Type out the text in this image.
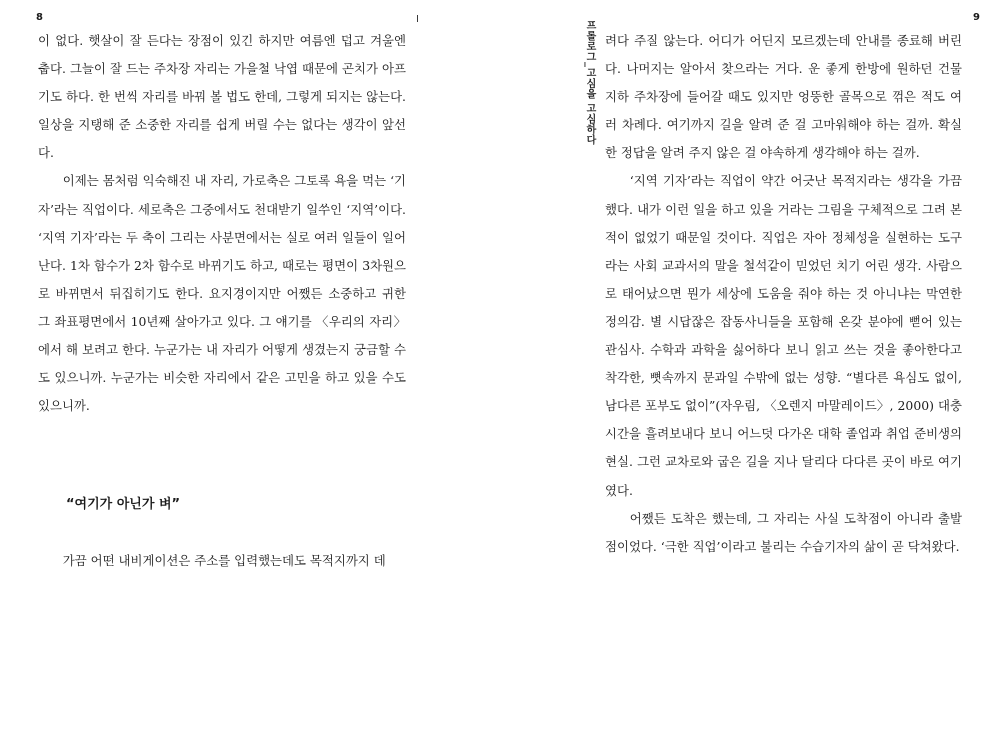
8	I

이 없다. 햇살이 잘 든다는 장점이 있긴 하지만 여름엔 덥고 겨울엔 춥다. 그늘이 잘 드는 주차장 자리는 가을철 낙엽 때문에 곤치가 아프기도 하다. 한 번씩 자리를 바꿔 볼 법도 한데, 그렇게 되지는 않는다. 일상을 지탱해 준 소중한 자리를 쉽게 버릴 수는 없다는 생각이 앞선다.

이제는 몸처럼 익숙해진 내 자리, 가로축은 그토록 욕을 먹는 ‘기자’라는 직업이다. 세로축은 그중에서도 천대받기 일쑤인 ‘지역’이다. ‘지역 기자’라는 두 축이 그리는 사분면에서는 실로 여러 일들이 일어난다. 1차 함수가 2차 함수로 바뀌기도 하고, 때로는 평면이 3차원으로 바뀌면서 뒤집히기도 한다. 요지경이지만 어쨌든 소중하고 귀한 그 좌표평면에서 10년째 살아가고 있다. 그 얘기를 〈우리의 자리〉에서 해 보려고 한다. 누군가는 내 자리가 어떻게 생겼는지 궁금할 수도 있으니까. 누군가는 비슷한 자리에서 같은 고민을 하고 있을 수도 있으니까.

“여기가 아닌가 벼”

가끔 어떤 내비게이션은 주소를 입력했는데도 목적지까지 데

프롤로그_고심을 고심하다
9

려다 주질 않는다. 어디가 어딘지 모르겠는데 안내를 종료해 버린다. 나머지는 알아서 찾으라는 거다. 운 좋게 한방에 원하던 건물 지하 주차장에 들어갈 때도 있지만 엉뚱한 골목으로 꺾은 적도 여러 차례다. 여기까지 길을 알려 준 걸 고마워해야 하는 걸까. 확실한 정답을 알려 주지 않은 걸 야속하게 생각해야 하는 걸까.

‘지역 기자’라는 직업이 약간 어긋난 목적지라는 생각을 가끔 했다. 내가 이런 일을 하고 있을 거라는 그림을 구체적으로 그려 본 적이 없었기 때문일 것이다. 직업은 자아 정체성을 실현하는 도구라는 사회 교과서의 말을 철석같이 믿었던 치기 어린 생각. 사람으로 태어났으면 뭔가 세상에 도움을 줘야 하는 것 아니냐는 막연한 정의감. 별 시답잖은 잡동사니들을 포함해 온갖 분야에 뻗어 있는 관심사. 수학과 과학을 싫어하다 보니 읽고 쓰는 것을 좋아한다고 착각한, 뼛속까지 문과일 수밖에 없는 성향. “별다른 욕심도 없이, 남다른 포부도 없이”(자우림, 〈오렌지 마말레이드〉, 2000) 대충 시간을 흘려보내다 보니 어느덧 다가온 대학 졸업과 취업 준비생의 현실. 그런 교차로와 굽은 길을 지나 달리다 다다른 곳이 바로 여기였다.

어쨌든 도착은 했는데, 그 자리는 사실 도착점이 아니라 출발점이었다. ‘극한 직업’이라고 불리는 수습기자의 삶이 곧 닥쳐왔다.
